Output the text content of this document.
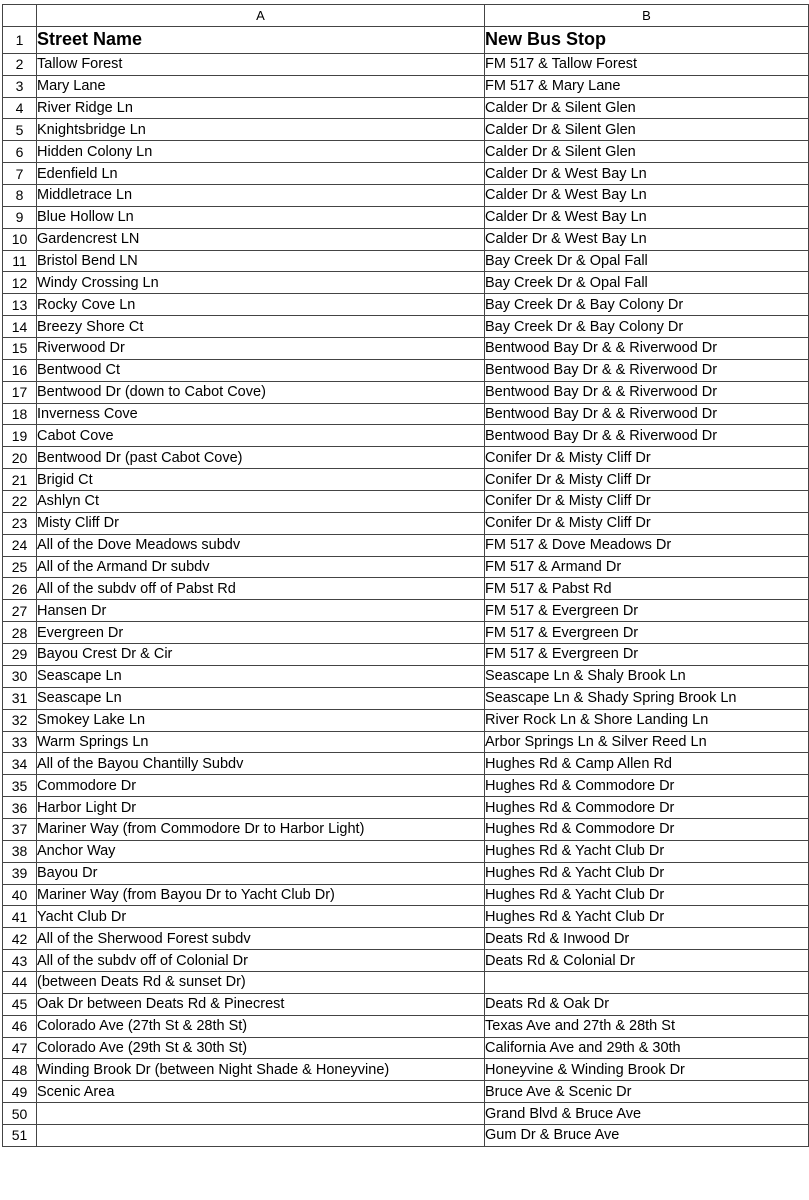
	A	B
1	Street Name	New Bus Stop
2	Tallow Forest	FM 517 & Tallow Forest
3	Mary Lane	FM 517 & Mary Lane
4	River Ridge Ln	Calder Dr & Silent Glen
5	Knightsbridge Ln	Calder Dr & Silent Glen
6	Hidden Colony Ln	Calder Dr & Silent Glen
7	Edenfield Ln	Calder Dr & West Bay Ln
8	Middletrace Ln	Calder Dr & West Bay Ln
9	Blue Hollow Ln	Calder Dr & West Bay Ln
10	Gardencrest LN	Calder Dr & West Bay Ln
11	Bristol Bend LN	Bay Creek Dr & Opal Fall
12	Windy Crossing Ln	Bay Creek Dr & Opal Fall
13	Rocky Cove Ln	Bay Creek Dr & Bay Colony Dr
14	Breezy Shore Ct	Bay Creek Dr & Bay Colony Dr
15	Riverwood Dr	Bentwood Bay Dr & & Riverwood Dr
16	Bentwood Ct	Bentwood Bay Dr & & Riverwood Dr
17	Bentwood Dr (down to Cabot Cove)	Bentwood Bay Dr & & Riverwood Dr
18	Inverness Cove	Bentwood Bay Dr & & Riverwood Dr
19	Cabot Cove	Bentwood Bay Dr & & Riverwood Dr
20	Bentwood Dr (past Cabot Cove)	Conifer Dr & Misty Cliff Dr
21	Brigid Ct	Conifer Dr & Misty Cliff Dr
22	Ashlyn Ct	Conifer Dr & Misty Cliff Dr
23	Misty Cliff Dr	Conifer Dr & Misty Cliff Dr
24	All of the Dove Meadows subdv	FM 517 & Dove Meadows Dr
25	All of the Armand Dr subdv	FM 517 & Armand Dr
26	All of the subdv off of Pabst Rd	FM 517 & Pabst Rd
27	Hansen Dr	FM 517 & Evergreen Dr
28	Evergreen Dr	FM 517 & Evergreen Dr
29	Bayou Crest Dr & Cir	FM 517 & Evergreen Dr
30	Seascape Ln	Seascape Ln & Shaly Brook Ln
31	Seascape Ln	Seascape Ln & Shady Spring Brook Ln
32	Smokey Lake Ln	River Rock Ln & Shore Landing Ln
33	Warm Springs Ln	Arbor Springs Ln & Silver Reed Ln
34	All of the Bayou Chantilly Subdv	Hughes Rd & Camp Allen Rd
35	Commodore Dr	Hughes Rd & Commodore Dr
36	Harbor Light Dr	Hughes Rd & Commodore Dr
37	Mariner Way (from Commodore Dr to Harbor Light)	Hughes Rd & Commodore Dr
38	Anchor Way	Hughes Rd & Yacht Club Dr
39	Bayou Dr	Hughes Rd & Yacht Club Dr
40	Mariner Way (from Bayou Dr to Yacht Club Dr)	Hughes Rd & Yacht Club Dr
41	Yacht Club Dr	Hughes Rd & Yacht Club Dr
42	All of the Sherwood Forest subdv	Deats Rd & Inwood Dr
43	All of the subdv off of Colonial Dr	Deats Rd & Colonial Dr
44	(between Deats Rd & sunset Dr)	
45	Oak Dr between Deats Rd & Pinecrest	Deats Rd & Oak Dr
46	Colorado Ave (27th St & 28th St)	Texas Ave and 27th & 28th St
47	Colorado Ave (29th St & 30th St)	California Ave and 29th & 30th
48	Winding Brook Dr (between Night Shade & Honeyvine)	Honeyvine & Winding Brook Dr
49	Scenic Area	Bruce Ave & Scenic Dr
50		Grand Blvd & Bruce Ave
51		Gum Dr & Bruce Ave
